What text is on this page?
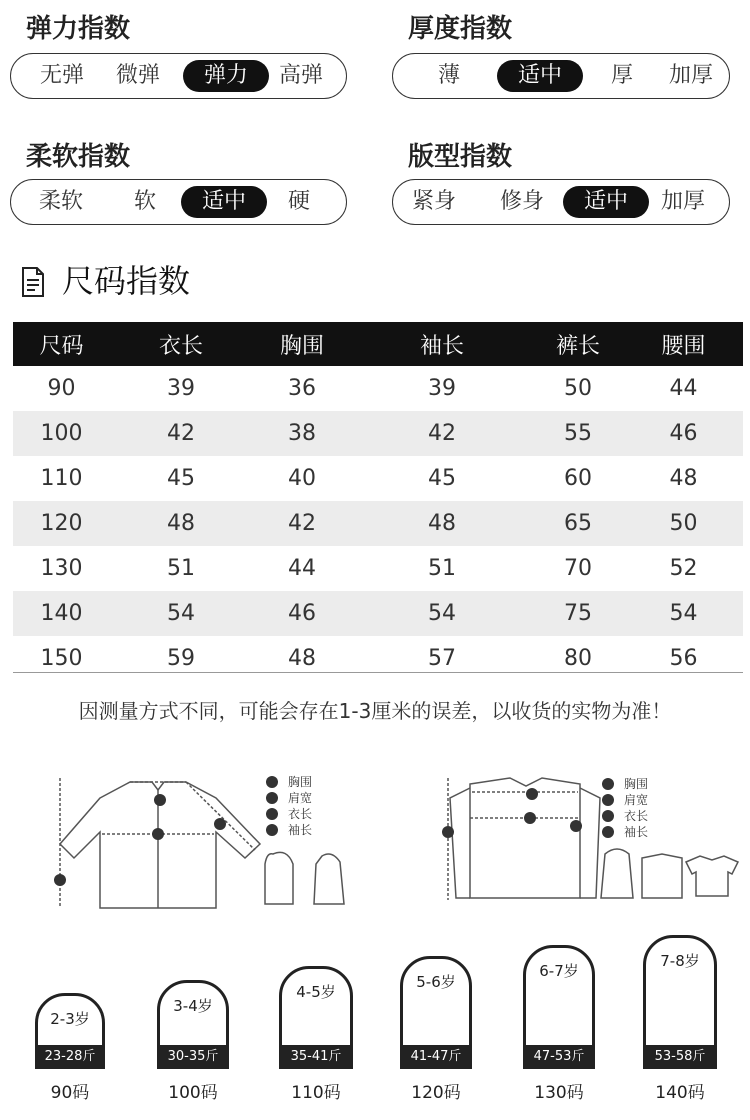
弹力指数	厚度指数
柔软指数	版型指数
无弹	微弹	弹力	高弹	薄	适中	厚	加厚
柔软	软	适中	硬	紧身	修身	适中	加厚
尺码指数
尺码	衣长	胸围	袖长	裤长	腰围
90	39	36	39	50	44
100	42	38	42	55	46
110	45	40	45	60	48
120	48	42	48	65	50
130	51	44	51	70	52
140	54	46	54	75	54
150	59	48	57	80	56
因测量方式不同，可能会存在1-3厘米的误差，以收货的实物为准！
胸围
肩宽
衣长
袖长
胸围
肩宽
衣长
袖长
2-3岁
23-28斤
3-4岁
30-35斤
4-5岁
35-41斤
5-6岁
41-47斤
6-7岁
47-53斤
7-8岁
53-58斤
90码	100码	110码	120码	130码	140码
